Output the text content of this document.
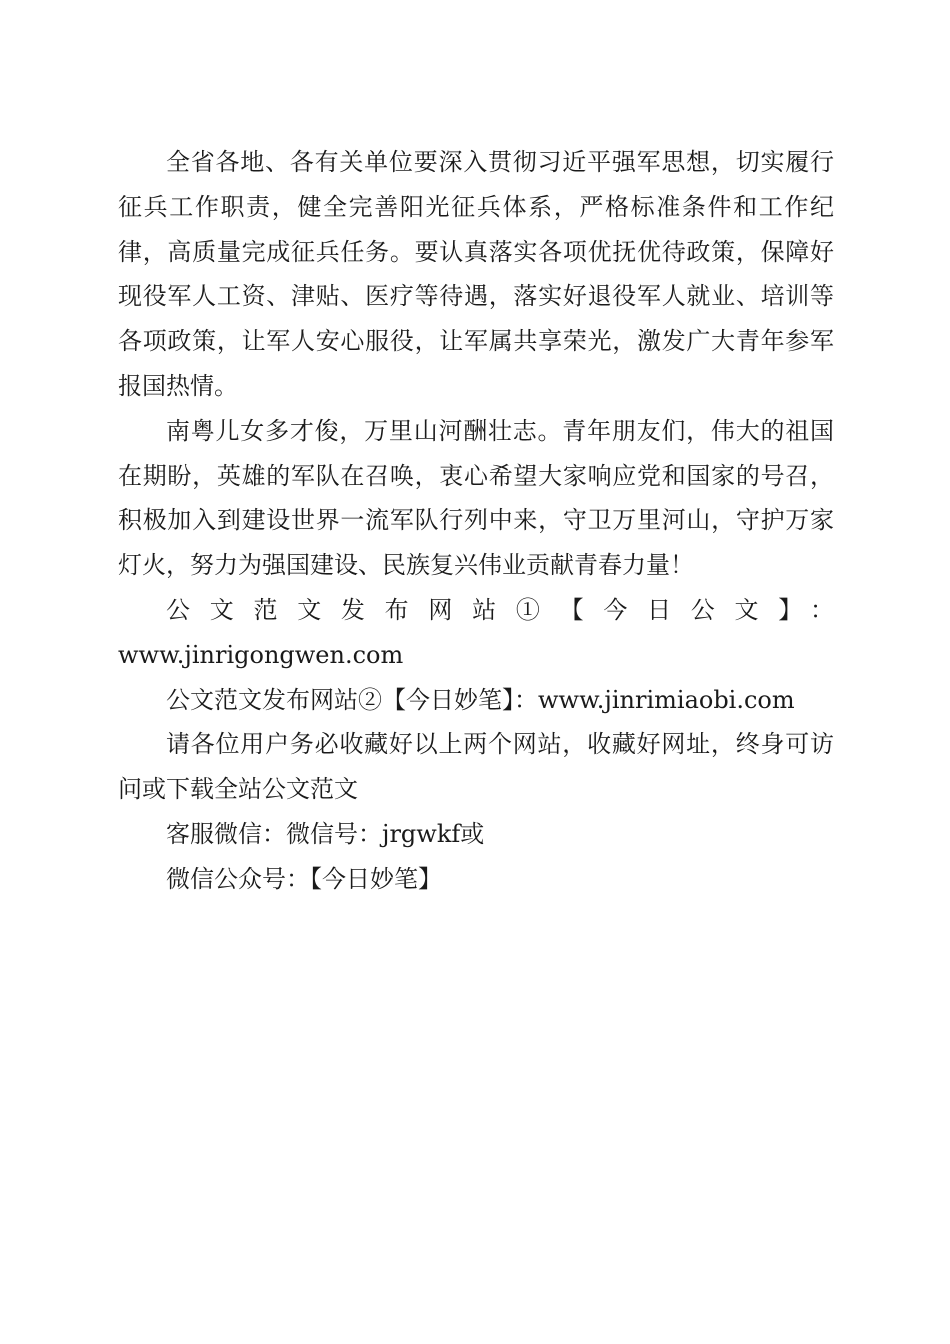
全省各地、各有关单位要深入贯彻习近平强军思想，切实履行征兵工作职责，健全完善阳光征兵体系，严格标准条件和工作纪律，高质量完成征兵任务。要认真落实各项优抚优待政策，保障好现役军人工资、津贴、医疗等待遇，落实好退役军人就业、培训等各项政策，让军人安心服役，让军属共享荣光，激发广大青年参军报国热情。

南粤儿女多才俊，万里山河酬壮志。青年朋友们，伟大的祖国在期盼，英雄的军队在召唤，衷心希望大家响应党和国家的号召，积极加入到建设世界一流军队行列中来，守卫万里河山，守护万家灯火，努力为强国建设、民族复兴伟业贡献青春力量！

公文范文发布网站①【今日公文】：

www.jinrigongwen.com

公文范文发布网站②【今日妙笔】：www.jinrimiaobi.com

请各位用户务必收藏好以上两个网站，收藏好网址，终身可访问或下载全站公文范文

客服微信：微信号：jrgwkf或

微信公众号：【今日妙笔】
